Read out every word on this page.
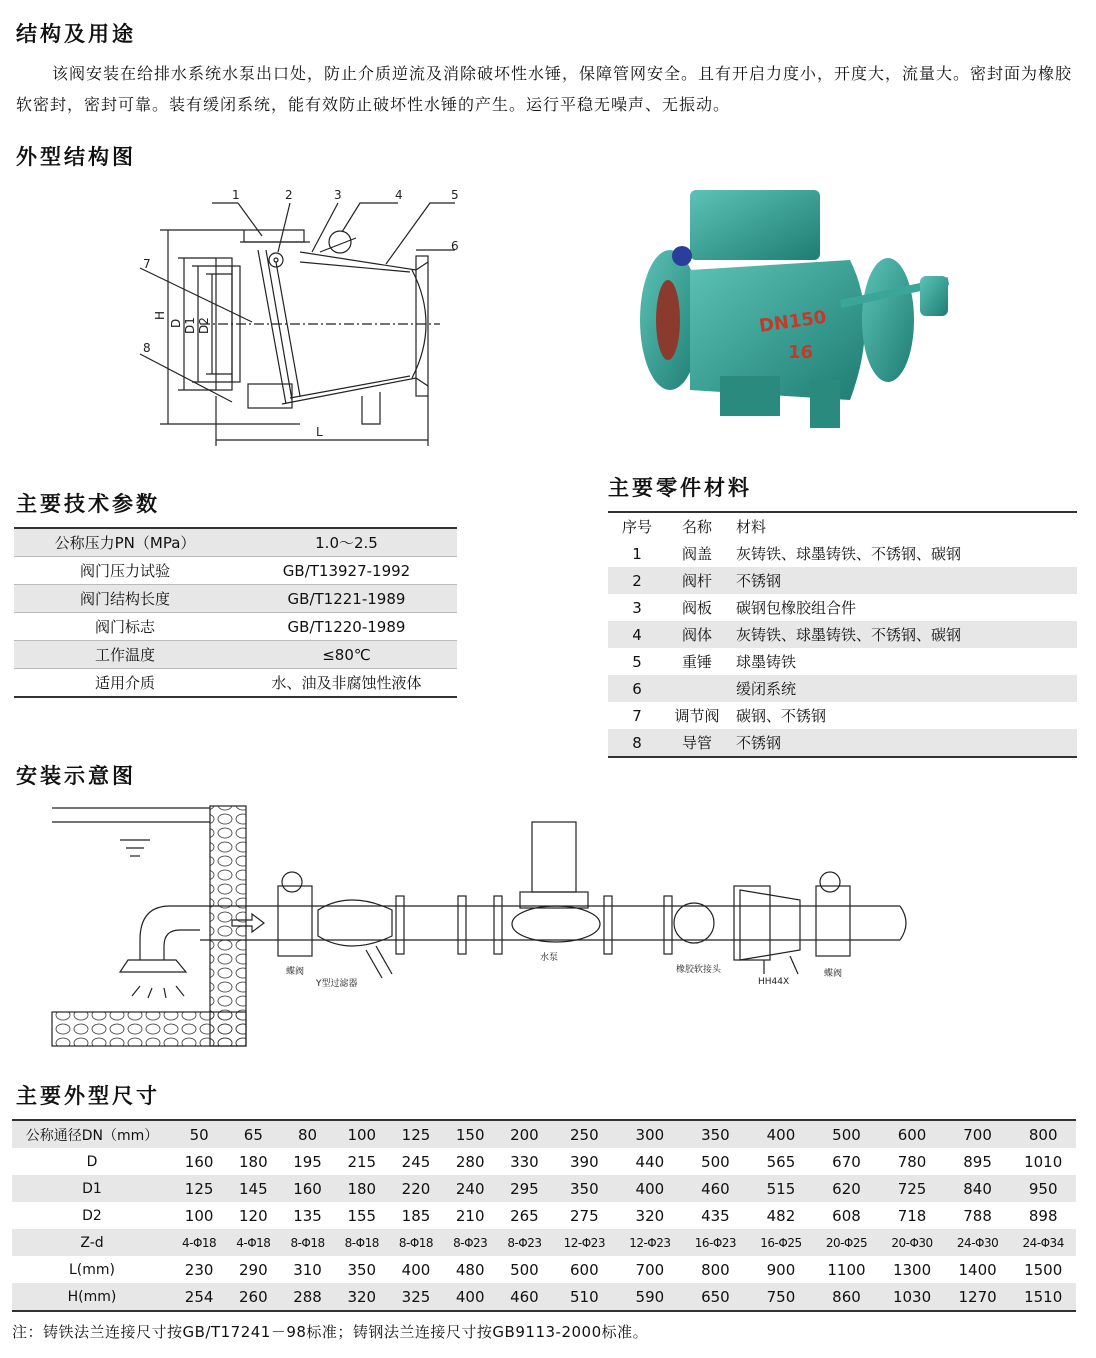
结构及用途
该阀安装在给排水系统水泵出口处，防止介质逆流及消除破坏性水锤，保障管网安全。且有开启力度小，开度大，流量大。密封面为橡胶软密封，密封可靠。装有缓闭系统，能有效防止破坏性水锤的产生。运行平稳无噪声、无振动。
外型结构图
1	2	3	4	5
6
7
8
H
D D1 D2
L
DN150
16
主要技术参数
主要零件材料
公称压力PN（MPa）	1.0～2.5
阀门压力试验	GB/T13927-1992
阀门结构长度	GB/T1221-1989
阀门标志	GB/T1220-1989
工作温度	≤80℃
适用介质	水、油及非腐蚀性液体
序号	名称	材料
1	阀盖	灰铸铁、球墨铸铁、不锈钢、碳钢
2	阀杆	不锈钢
3	阀板	碳钢包橡胶组合件
4	阀体	灰铸铁、球墨铸铁、不锈钢、碳钢
5	重锤	球墨铸铁
6		缓闭系统
7	调节阀	碳钢、不锈钢
8	导管	不锈钢
安装示意图
蝶阀
Y型过滤器
水泵
橡胶软接头
HH44X
蝶阀
主要外型尺寸
公称通径DN（mm）	50	65	80	100	125	150	200	250	300	350	400	500	600	700	800
D	160	180	195	215	245	280	330	390	440	500	565	670	780	895	1010
D1	125	145	160	180	220	240	295	350	400	460	515	620	725	840	950
D2	100	120	135	155	185	210	265	275	320	435	482	608	718	788	898
Z-d	4-Φ18	4-Φ18	8-Φ18	8-Φ18	8-Φ18	8-Φ23	8-Φ23	12-Φ23	12-Φ23	16-Φ23	16-Φ25	20-Φ25	20-Φ30	24-Φ30	24-Φ34
L(mm)	230	290	310	350	400	480	500	600	700	800	900	1100	1300	1400	1500
H(mm)	254	260	288	320	325	400	460	510	590	650	750	860	1030	1270	1510
注：铸铁法兰连接尺寸按GB/T17241－98标准；铸钢法兰连接尺寸按GB9113-2000标准。
